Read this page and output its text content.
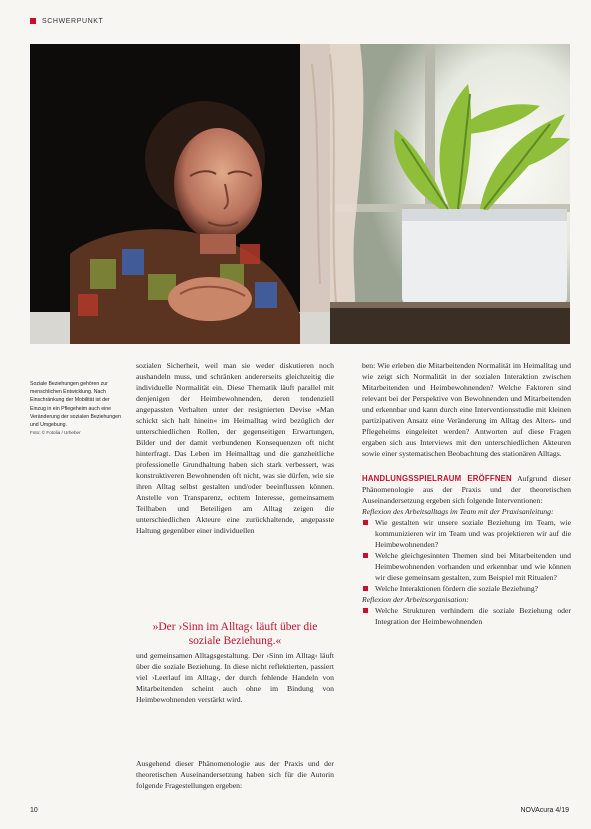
SCHWERPUNKT
Soziale Beziehungen gehören zur menschlichen Entwicklung. Nach Einschränkung der Mobilität ist der Einzug in ein Pflegeheim auch eine Veränderung der sozialen Beziehungen und Umgebung.
Foto: © Fotolia / Urheber

sozialen Sicherheit, weil man sie weder diskutieren noch aushandeln muss, und schränken andererseits gleichzeitig die individuelle Normalität ein. Diese Thematik läuft parallel mit denjenigen der Heimbewohnenden, deren tendenziell angepassten Verhalten unter der resignierten Devise »Man schickt sich halt hinein« im Heimalltag wird bezüglich der unterschiedlichen Rollen, der gegenseitigen Erwartungen, Bilder und der damit verbundenen Konsequenzen oft nicht hinterfragt. Das Leben im Heimalltag und die ganzheitliche professionelle Grundhaltung haben sich stark verbessert, was konstruktiveren Bewohnenden oft nicht, was sie dürfen, wie sie ihren Alltag selbst gestalten und/oder beeinflussen können. Anstelle von Transparenz, echtem Interesse, gemeinsamem Teilhaben und Beteiligen am Alltag zeigen die unterschiedlichen Akteure eine zurückhaltende, angepasste Haltung gegenüber einer individuellen

»Der ›Sinn im Alltag‹ läuft über die soziale Beziehung.«

und gemeinsamen Alltagsgestaltung. Der ›Sinn im Alltag‹ läuft über die soziale Beziehung. In diese nicht reflektierten, passiert viel ›Leerlauf im Alltag‹, der durch fehlende Handeln von Mitarbeitenden scheint auch ohne im Bindung von Heimbewohnenden verstärkt wird.

Ausgehend dieser Phänomenologie aus der Praxis und der theoretischen Auseinandersetzung haben sich für die Autorin folgende Fragestellungen ergeben:

ben: Wie erleben die Mitarbeitenden Normalität im Heimalltag und wie zeigt sich Normalität in der sozialen Interaktion zwischen Mitarbeitenden und Heimbewohnenden? Welche Faktoren sind relevant bei der Perspektive von Bewohnenden und Mitarbeitenden und erkennbar und kann durch eine Interventionsstudie mit kleinen partizipativen Ansatz eine Veränderung im Alltag des Alters- und Pflegeheims eingeleitet werden? Antworten auf diese Fragen ergaben sich aus Interviews mit den unterschiedlichen Akteuren sowie einer systematischen Beobachtung des stationären Alltags.

HANDLUNGSSPIELRAUM ERÖFFNEN Aufgrund dieser Phänomenologie aus der Praxis und der theoretischen Auseinandersetzung ergeben sich folgende Interventionen:

Reflexion des Arbeitsalltags im Team mit der Praxisanleitung:

Wie gestalten wir unsere soziale Beziehung im Team, wie kommunizieren wir im Team und was projektieren wir auf die Heimbewohnenden?
Welche gleichgesinnten Themen sind bei Mitarbeitenden und Heimbewohnenden vorhanden und erkennbar und wie können wir diese gemeinsam gestalten, zum Beispiel mit Ritualen?
Welche Interaktionen fördern die soziale Beziehung?

Reflexion der Arbeitsorganisation:

Welche Strukturen verhindern die soziale Beziehung oder Integration der Heimbewohnenden
10	NOVAcura 4/19
